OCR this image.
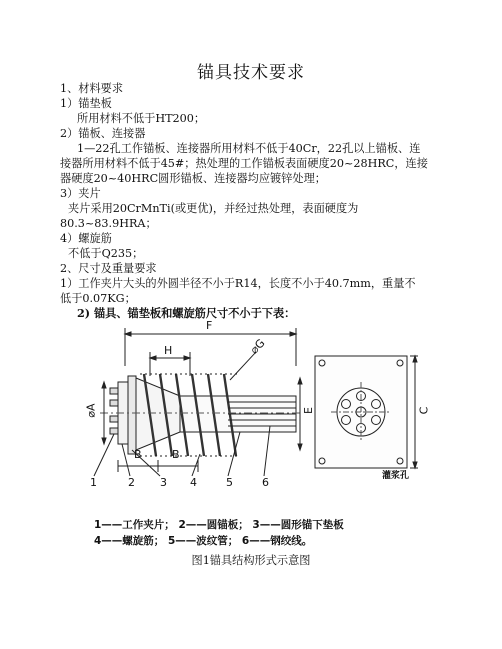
锚具技术要求
1、材料要求
1）锚垫板
所用材料不低于HT200；
2）锚板、连接器
1—22孔工作锚板、连接器所用材料不低于40Cr，22孔以上锚板、连
接器所用材料不低于45#；热处理的工作锚板表面硬度20~28HRC，连接
器硬度20~40HRC圆形锚板、连接器均应镀锌处理；
3）夹片
夹片采用20CrMnTi(或更优)，并经过热处理，表面硬度为
80.3~83.9HRA；
4）螺旋筋
不低于Q235；
2、尺寸及重量要求
1）工作夹片大头的外圆半径不小于R14，长度不小于40.7mm，重量不
低于0.07KG；
2) 锚具、锚垫板和螺旋筋尺寸不小于下表：
F
H	⌀G
⌀A	E	C
B	B
灌浆孔
1	2 3 4	5	6
1——工作夹片； 2——圆锚板； 3——圆形锚下垫板
4——螺旋筋； 5——波纹管； 6——钢绞线。
图1锚具结构形式示意图
